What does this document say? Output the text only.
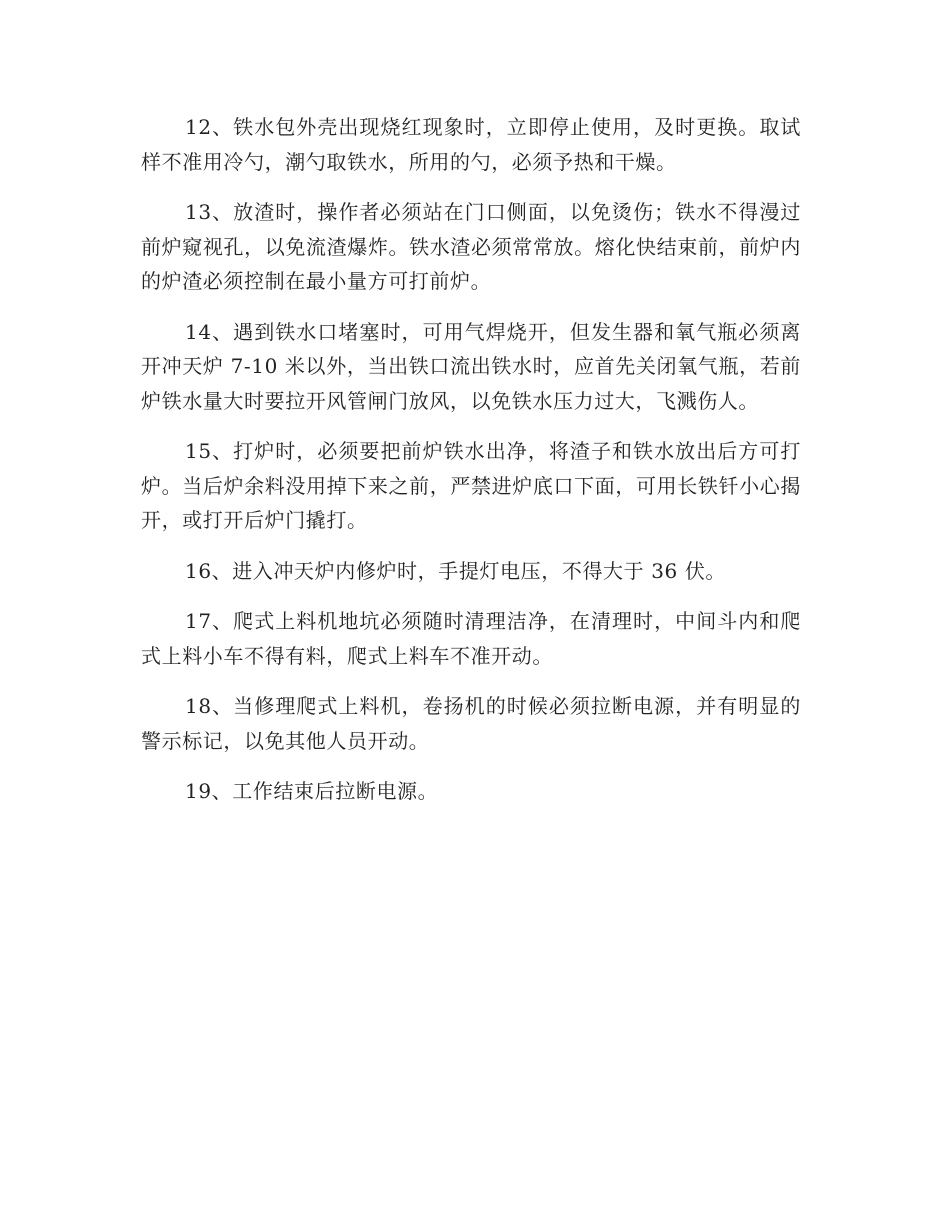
12、铁水包外壳出现烧红现象时，立即停止使用，及时更换。取试样不准用冷勺，潮勺取铁水，所用的勺，必须予热和干燥。

13、放渣时，操作者必须站在门口侧面，以免烫伤；铁水不得漫过前炉窥视孔，以免流渣爆炸。铁水渣必须常常放。熔化快结束前，前炉内的炉渣必须控制在最小量方可打前炉。

14、遇到铁水口堵塞时，可用气焊烧开，但发生器和氧气瓶必须离开冲天炉 7-10 米以外，当出铁口流出铁水时，应首先关闭氧气瓶，若前炉铁水量大时要拉开风管闸门放风，以免铁水压力过大，飞溅伤人。

15、打炉时，必须要把前炉铁水出净，将渣子和铁水放出后方可打炉。当后炉余料没用掉下来之前，严禁进炉底口下面，可用长铁钎小心揭开，或打开后炉门撬打。

16、进入冲天炉内修炉时，手提灯电压，不得大于 36 伏。

17、爬式上料机地坑必须随时清理洁净，在清理时，中间斗内和爬式上料小车不得有料，爬式上料车不准开动。

18、当修理爬式上料机，卷扬机的时候必须拉断电源，并有明显的警示标记，以免其他人员开动。

19、工作结束后拉断电源。
